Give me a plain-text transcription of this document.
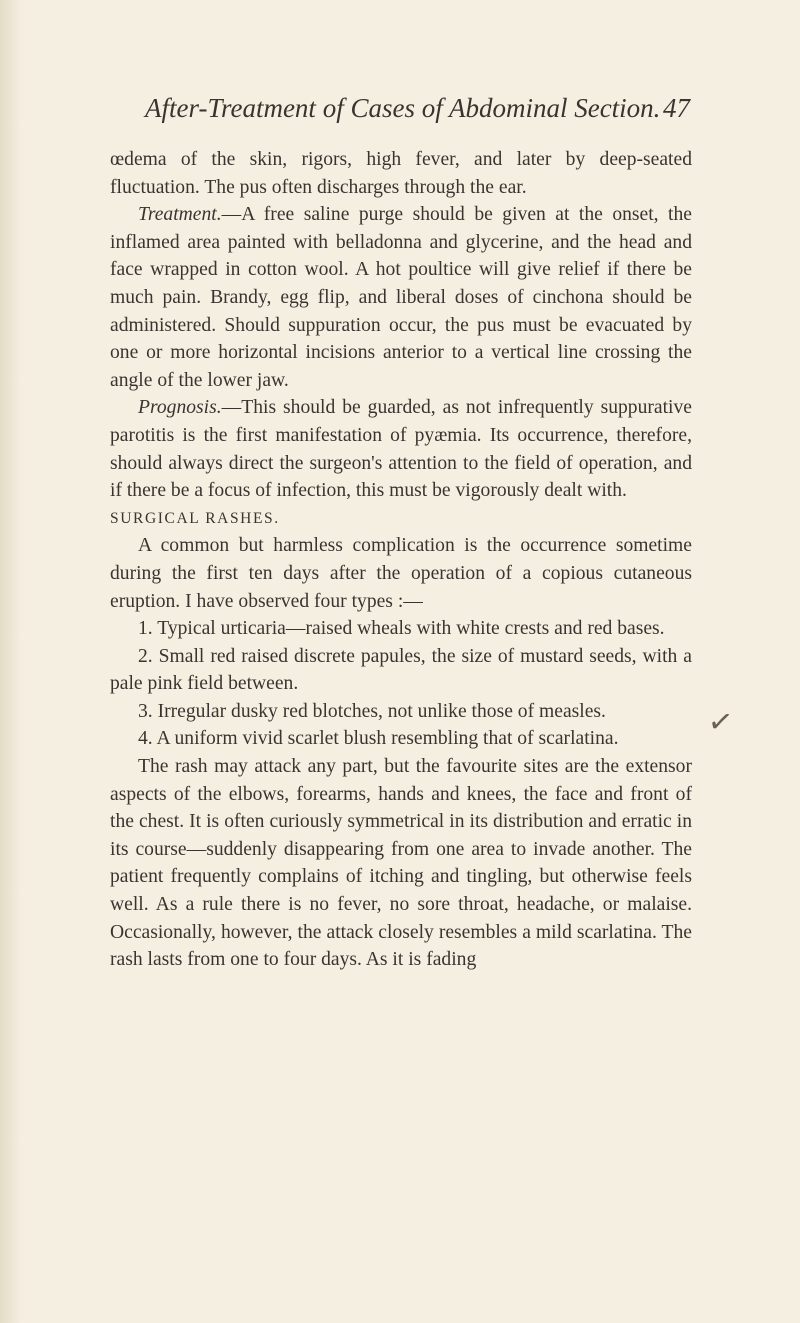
After-Treatment of Cases of Abdominal Section. 47

œdema of the skin, rigors, high fever, and later by deep-seated fluctuation. The pus often discharges through the ear.

Treatment.—A free saline purge should be given at the onset, the inflamed area painted with belladonna and glycerine, and the head and face wrapped in cotton wool. A hot poultice will give relief if there be much pain. Brandy, egg flip, and liberal doses of cinchona should be administered. Should suppuration occur, the pus must be evacuated by one or more horizontal incisions anterior to a vertical line crossing the angle of the lower jaw.

Prognosis.—This should be guarded, as not infrequently suppurative parotitis is the first manifestation of pyæmia. Its occurrence, therefore, should always direct the surgeon's attention to the field of operation, and if there be a focus of infection, this must be vigorously dealt with.

SURGICAL RASHES.

A common but harmless complication is the occurrence sometime during the first ten days after the operation of a copious cutaneous eruption. I have observed four types :—

1. Typical urticaria—raised wheals with white crests and red bases.

2. Small red raised discrete papules, the size of mustard seeds, with a pale pink field between.

3. Irregular dusky red blotches, not unlike those of measles.

4. A uniform vivid scarlet blush resembling that of scarlatina.

The rash may attack any part, but the favourite sites are the extensor aspects of the elbows, forearms, hands and knees, the face and front of the chest. It is often curiously symmetrical in its distribution and erratic in its course—suddenly disappearing from one area to invade another. The patient frequently complains of itching and tingling, but otherwise feels well. As a rule there is no fever, no sore throat, headache, or malaise. Occasionally, however, the attack closely resembles a mild scarlatina. The rash lasts from one to four days. As it is fading

✓
